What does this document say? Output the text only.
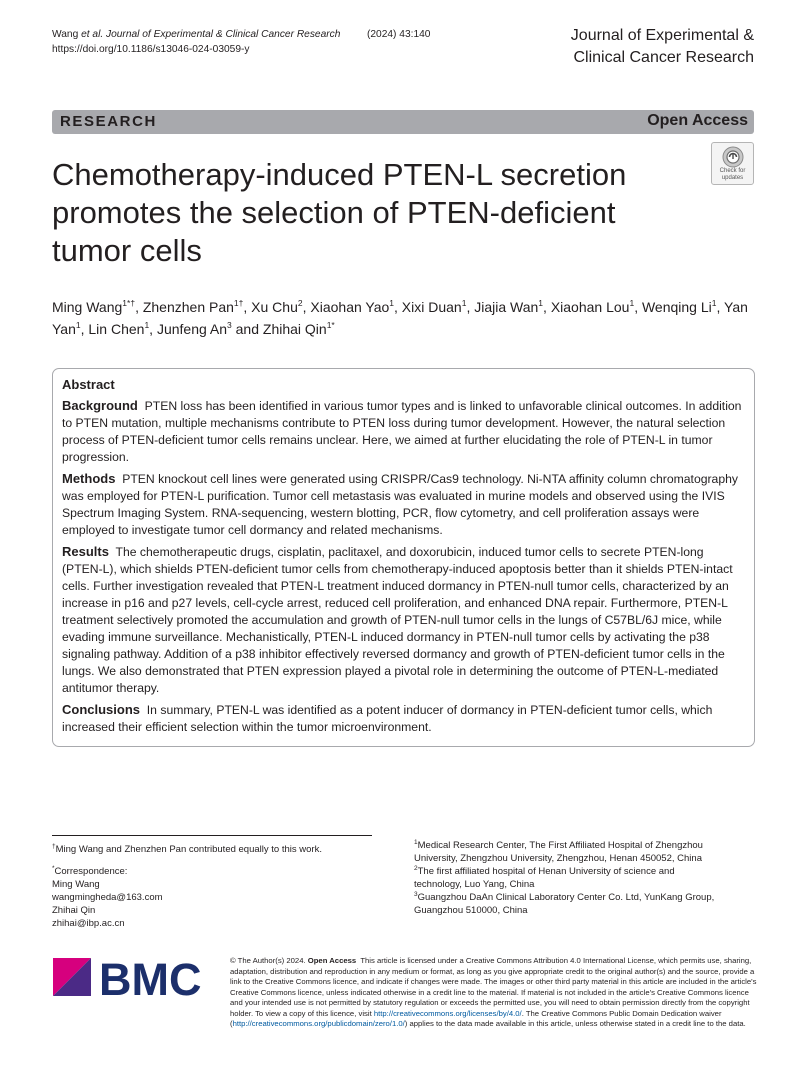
Wang et al. Journal of Experimental & Clinical Cancer Research	(2024) 43:140
https://doi.org/10.1186/s13046-024-03059-y
Journal of Experimental &
Clinical Cancer Research
RESEARCH	Open Access
Chemotherapy-induced PTEN-L secretion
promotes the selection of PTEN-deficient
tumor cells
Check for
updates
Ming Wang$^{1*\dagger}$, Zhenzhen Pan$^{1\dagger}$, Xu Chu$^2$, Xiaohan Yao$^1$, Xixi Duan$^1$, Jiajia Wan$^1$, Xiaohan Lou$^1$, Wenqing Li$^1$, Yan Yan$^1$, Lin Chen$^1$, Junfeng An$^3$ and Zhihai Qin$^{1*}$
Abstract

Background PTEN loss has been identified in various tumor types and is linked to unfavorable clinical outcomes. In addition to PTEN mutation, multiple mechanisms contribute to PTEN loss during tumor development. However, the natural selection process of PTEN-deficient tumor cells remains unclear. Here, we aimed at further elucidating the role of PTEN-L in tumor progression.

Methods PTEN knockout cell lines were generated using CRISPR/Cas9 technology. Ni-NTA affinity column chromatography was employed for PTEN-L purification. Tumor cell metastasis was evaluated in murine models and observed using the IVIS Spectrum Imaging System. RNA-sequencing, western blotting, PCR, flow cytometry, and cell proliferation assays were employed to investigate tumor cell dormancy and related mechanisms.

Results The chemotherapeutic drugs, cisplatin, paclitaxel, and doxorubicin, induced tumor cells to secrete PTEN-long (PTEN-L), which shields PTEN-deficient tumor cells from chemotherapy-induced apoptosis better than it shields PTEN-intact cells. Further investigation revealed that PTEN-L treatment induced dormancy in PTEN-null tumor cells, characterized by an increase in p16 and p27 levels, cell-cycle arrest, reduced cell proliferation, and enhanced DNA repair. Furthermore, PTEN-L treatment selectively promoted the accumulation and growth of PTEN-null tumor cells in the lungs of C57BL/6J mice, while evading immune surveillance. Mechanistically, PTEN-L induced dormancy in PTEN-null tumor cells by activating the p38 signaling pathway. Addition of a p38 inhibitor effectively reversed dormancy and growth of PTEN-deficient tumor cells in the lungs. We also demonstrated that PTEN expression played a pivotal role in determining the outcome of PTEN-L-mediated antitumor therapy.

Conclusions In summary, PTEN-L was identified as a potent inducer of dormancy in PTEN-deficient tumor cells, which increased their efficient selection within the tumor microenvironment.

†Ming Wang and Zhenzhen Pan contributed equally to this work.
*Correspondence:
Ming Wang
wangmingheda@163.com
Zhihai Qin
zhihai@ibp.ac.cn
$^1$Medical Research Center, The First Affiliated Hospital of Zhengzhou
University, Zhengzhou University, Zhengzhou, Henan 450052, China
$^2$The first affiliated hospital of Henan University of science and
technology, Luo Yang, China
$^3$Guangzhou DaAn Clinical Laboratory Center Co. Ltd, YunKang Group,
Guangzhou 510000, China
BMC	© The Author(s) 2024. Open Access This article is licensed under a Creative Commons Attribution 4.0 International License, which permits use, sharing, adaptation, distribution and reproduction in any medium or format, as long as you give appropriate credit to the original author(s) and the source, provide a link to the Creative Commons licence, and indicate if changes were made. The images or other third party material in this article are included in the article's Creative Commons licence, unless indicated otherwise in a credit line to the material. If material is not included in the article's Creative Commons licence and your intended use is not permitted by statutory regulation or exceeds the permitted use, you will need to obtain permission directly from the copyright holder. To view a copy of this licence, visit http://creativecommons.org/licenses/by/4.0/. The Creative Commons Public Domain Dedication waiver (http://creativecommons.org/publicdomain/zero/1.0/) applies to the data made available in this article, unless otherwise stated in a credit line to the data.
